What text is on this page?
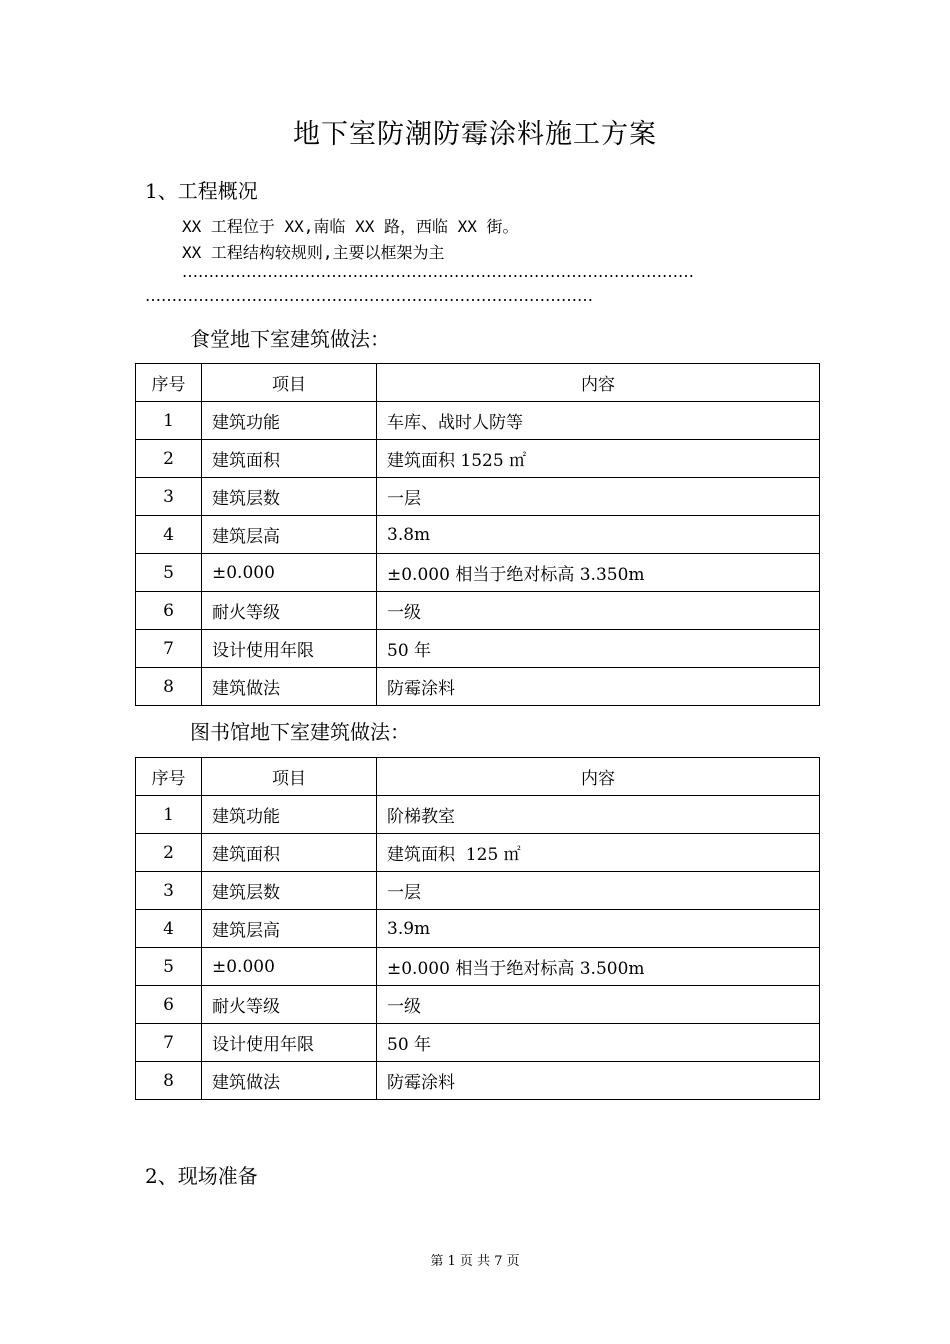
地下室防潮防霉涂料施工方案
1、工程概况
XX 工程位于 XX,南临 XX 路，西临 XX 街。
XX 工程结构较规则,主要以框架为主
……………………………………………………………………………………
…………………………………………………………………………
食堂地下室建筑做法：
序号	项目	内容
1	建筑功能	车库、战时人防等
2	建筑面积	建筑面积 1525 ㎡
3	建筑层数	一层
4	建筑层高	3.8m
5	±0.000	±0.000 相当于绝对标高 3.350m
6	耐火等级	一级
7	设计使用年限	50 年
8	建筑做法	防霉涂料
图书馆地下室建筑做法：
序号	项目	内容
1	建筑功能	阶梯教室
2	建筑面积	建筑面积  125 ㎡
3	建筑层数	一层
4	建筑层高	3.9m
5	±0.000	±0.000 相当于绝对标高 3.500m
6	耐火等级	一级
7	设计使用年限	50 年
8	建筑做法	防霉涂料
2、现场准备
第 1 页 共 7 页
